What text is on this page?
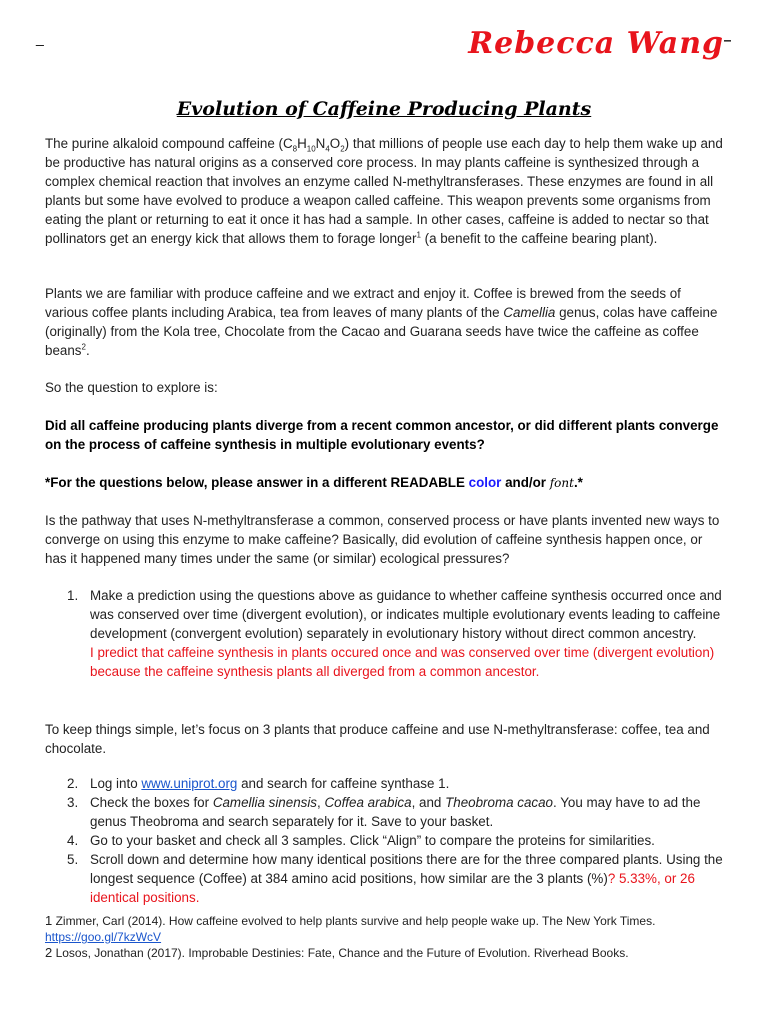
_	Rebecca Wang_
Evolution of Caffeine Producing Plants
The purine alkaloid compound caffeine $(C_8H_{10}N_4O_2)$ that millions of people use each day to help them wake up and be productive has natural origins as a conserved core process. In may plants caffeine is synthesized through a complex chemical reaction that involves an enzyme called N-methyltransferases. These enzymes are found in all plants but some have evolved to produce a weapon called caffeine. This weapon prevents some organisms from eating the plant or returning to eat it once it has had a sample. In other cases, caffeine is added to nectar so that pollinators get an energy kick that allows them to forage longer$^1$ (a benefit to the caffeine bearing plant).
Plants we are familiar with produce caffeine and we extract and enjoy it. Coffee is brewed from the seeds of various coffee plants including Arabica, tea from leaves of many plants of the Camellia genus, colas have caffeine (originally) from the Kola tree, Chocolate from the Cacao and Guarana seeds have twice the caffeine as coffee beans$^2$.
So the question to explore is:
Did all caffeine producing plants diverge from a recent common ancestor, or did different plants converge on the process of caffeine synthesis in multiple evolutionary events?
*For the questions below, please answer in a different READABLE color and/or font.*
Is the pathway that uses N-methyltransferase a common, conserved process or have plants invented new ways to converge on using this enzyme to make caffeine? Basically, did evolution of caffeine synthesis happen once, or has it happened many times under the same (or similar) ecological pressures?
1. Make a prediction using the questions above as guidance to whether caffeine synthesis occurred once and was conserved over time (divergent evolution), or indicates multiple evolutionary events leading to caffeine development (convergent evolution) separately in evolutionary history without direct common ancestry.
I predict that caffeine synthesis in plants occured once and was conserved over time (divergent evolution) because the caffeine synthesis plants all diverged from a common ancestor.
To keep things simple, let’s focus on 3 plants that produce caffeine and use N-methyltransferase: coffee, tea and chocolate.
2. Log into www.uniprot.org and search for caffeine synthase 1.
3. Check the boxes for Camellia sinensis, Coffea arabica, and Theobroma cacao. You may have to ad the genus Theobroma and search separately for it. Save to your basket.
4. Go to your basket and check all 3 samples. Click “Align” to compare the proteins for similarities.
5. Scroll down and determine how many identical positions there are for the three compared plants. Using the longest sequence (Coffee) at 384 amino acid positions, how similar are the 3 plants (%)? 5.33%, or 26 identical positions.
1 Zimmer, Carl (2014). How caffeine evolved to help plants survive and help people wake up. The New York Times.
https://goo.gl/7kzWcV
2 Losos, Jonathan (2017). Improbable Destinies: Fate, Chance and the Future of Evolution. Riverhead Books.
